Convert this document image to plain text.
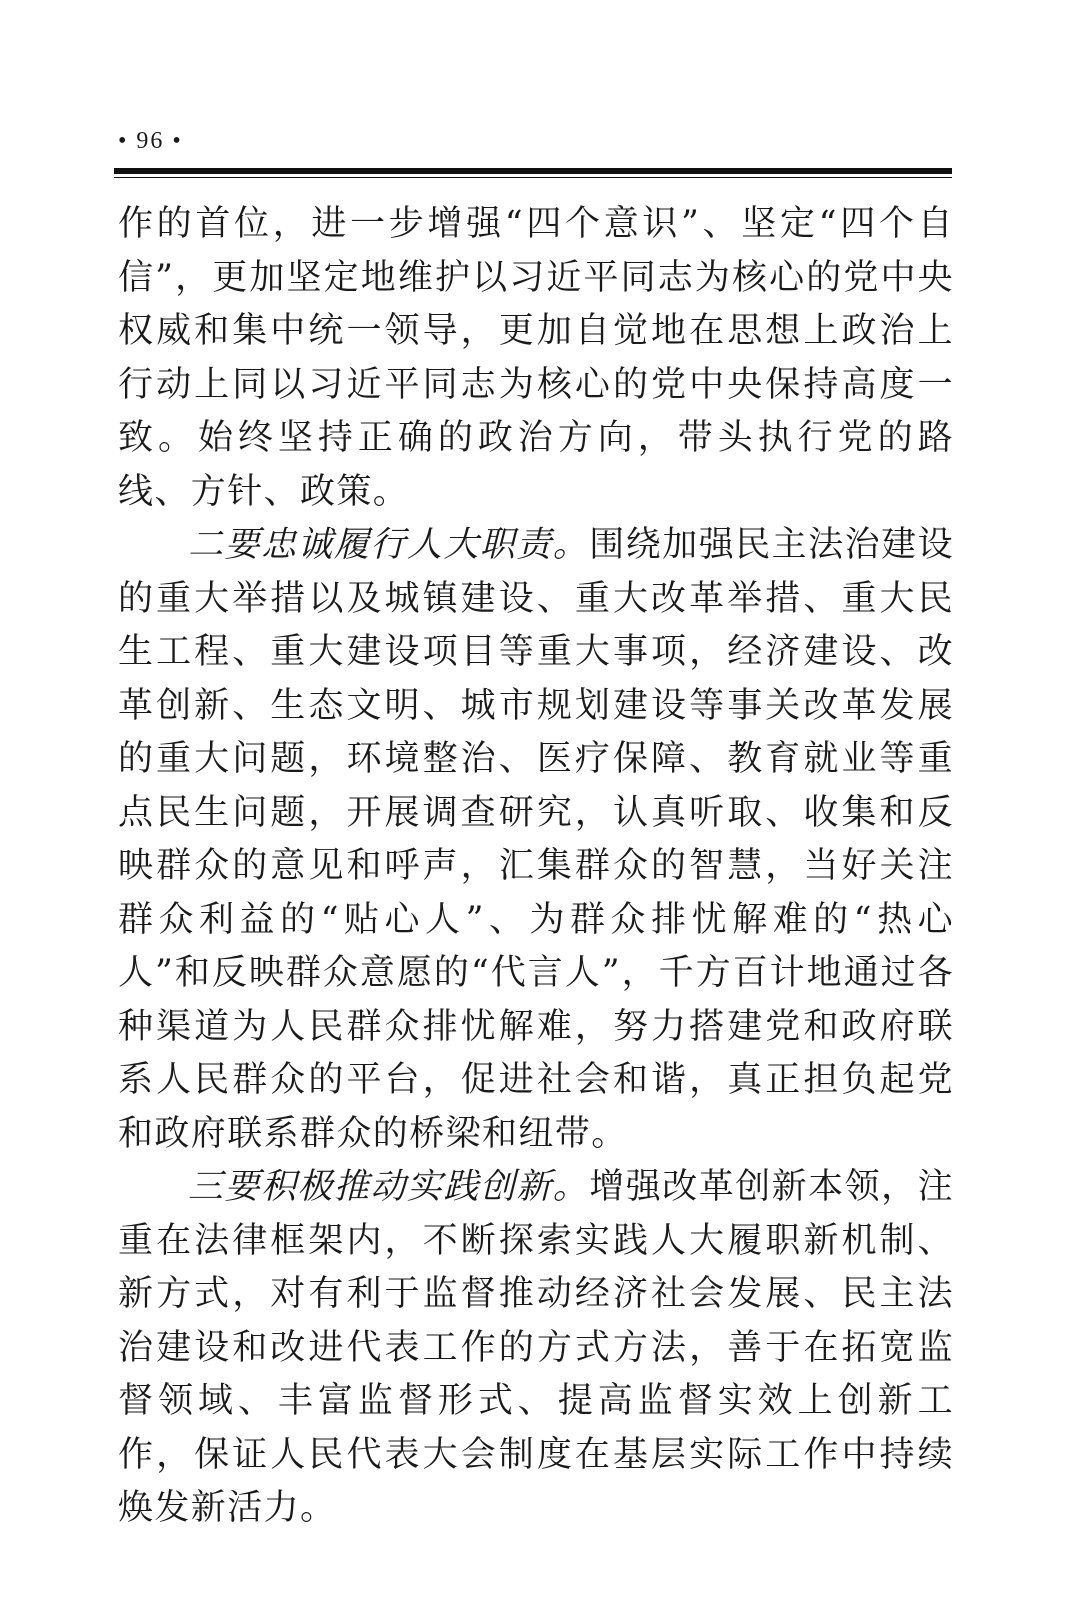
• 96 •

作的首位，进一步增强“四个意识”、坚定“四个自信”，更加坚定地维护以习近平同志为核心的党中央权威和集中统一领导，更加自觉地在思想上政治上行动上同以习近平同志为核心的党中央保持高度一致。始终坚持正确的政治方向，带头执行党的路线、方针、政策。

二要忠诚履行人大职责。围绕加强民主法治建设的重大举措以及城镇建设、重大改革举措、重大民生工程、重大建设项目等重大事项，经济建设、改革创新、生态文明、城市规划建设等事关改革发展的重大问题，环境整治、医疗保障、教育就业等重点民生问题，开展调查研究，认真听取、收集和反映群众的意见和呼声，汇集群众的智慧，当好关注群众利益的“贴心人”、为群众排忧解难的“热心人”和反映群众意愿的“代言人”，千方百计地通过各种渠道为人民群众排忧解难，努力搭建党和政府联系人民群众的平台，促进社会和谐，真正担负起党和政府联系群众的桥梁和纽带。

三要积极推动实践创新。增强改革创新本领，注重在法律框架内，不断探索实践人大履职新机制、新方式，对有利于监督推动经济社会发展、民主法治建设和改进代表工作的方式方法，善于在拓宽监督领域、丰富监督形式、提高监督实效上创新工作，保证人民代表大会制度在基层实际工作中持续焕发新活力。
